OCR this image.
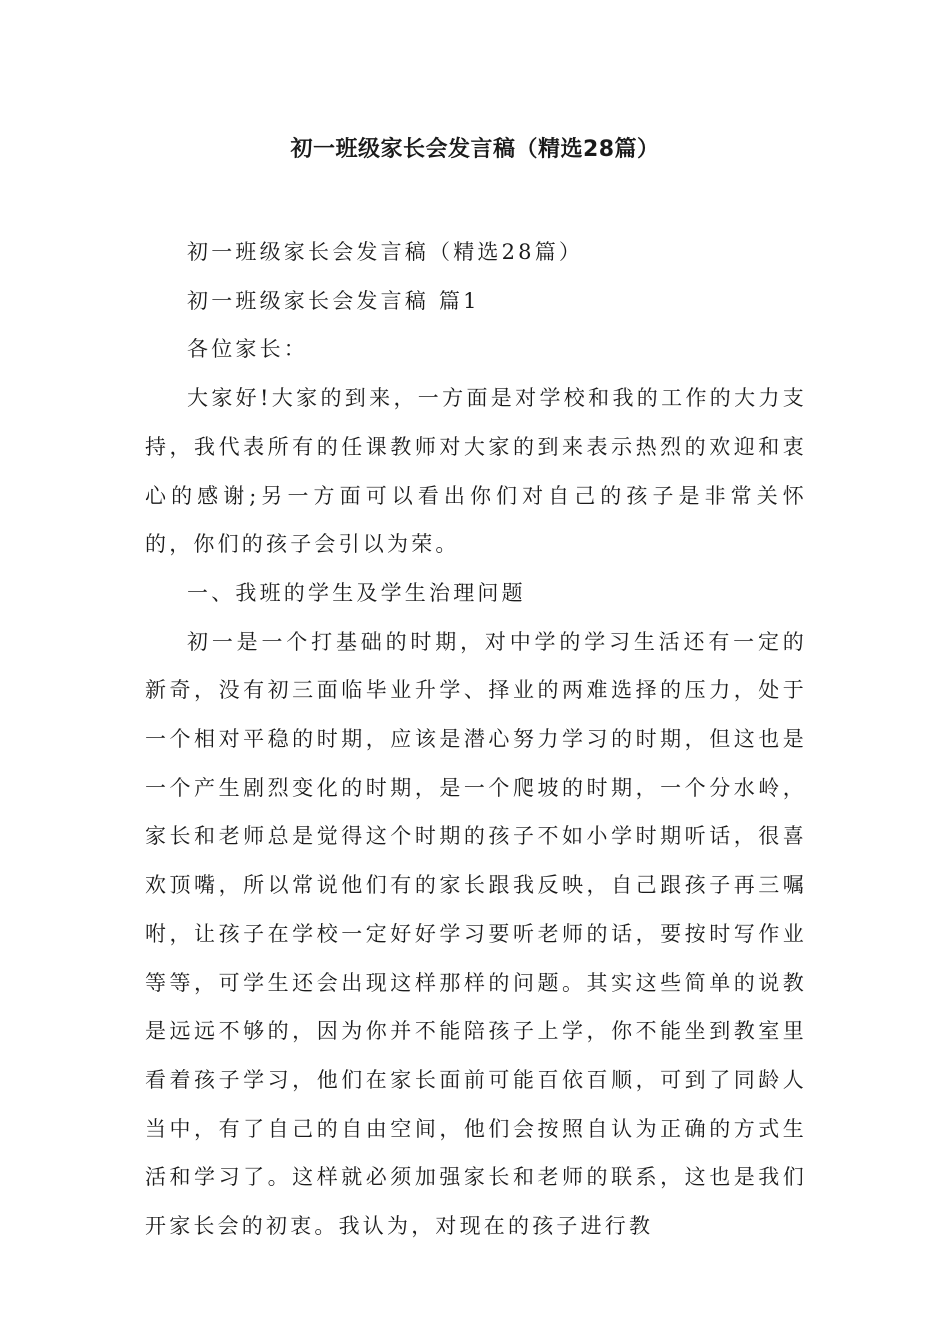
初一班级家长会发言稿（精选28篇）

初一班级家长会发言稿（精选28篇）

初一班级家长会发言稿 篇1

各位家长：

大家好!大家的到来，一方面是对学校和我的工作的大力支持，我代表所有的任课教师对大家的到来表示热烈的欢迎和衷心的感谢;另一方面可以看出你们对自己的孩子是非常关怀的，你们的孩子会引以为荣。

一、我班的学生及学生治理问题

初一是一个打基础的时期，对中学的学习生活还有一定的新奇，没有初三面临毕业升学、择业的两难选择的压力，处于一个相对平稳的时期，应该是潜心努力学习的时期，但这也是一个产生剧烈变化的时期，是一个爬坡的时期，一个分水岭，家长和老师总是觉得这个时期的孩子不如小学时期听话，很喜欢顶嘴，所以常说他们有的家长跟我反映，自己跟孩子再三嘱咐，让孩子在学校一定好好学习要听老师的话，要按时写作业等等，可学生还会出现这样那样的问题。其实这些简单的说教是远远不够的，因为你并不能陪孩子上学，你不能坐到教室里看着孩子学习，他们在家长面前可能百依百顺，可到了同龄人当中，有了自己的自由空间，他们会按照自认为正确的方式生活和学习了。这样就必须加强家长和老师的联系，这也是我们开家长会的初衷。我认为，对现在的孩子进行教
